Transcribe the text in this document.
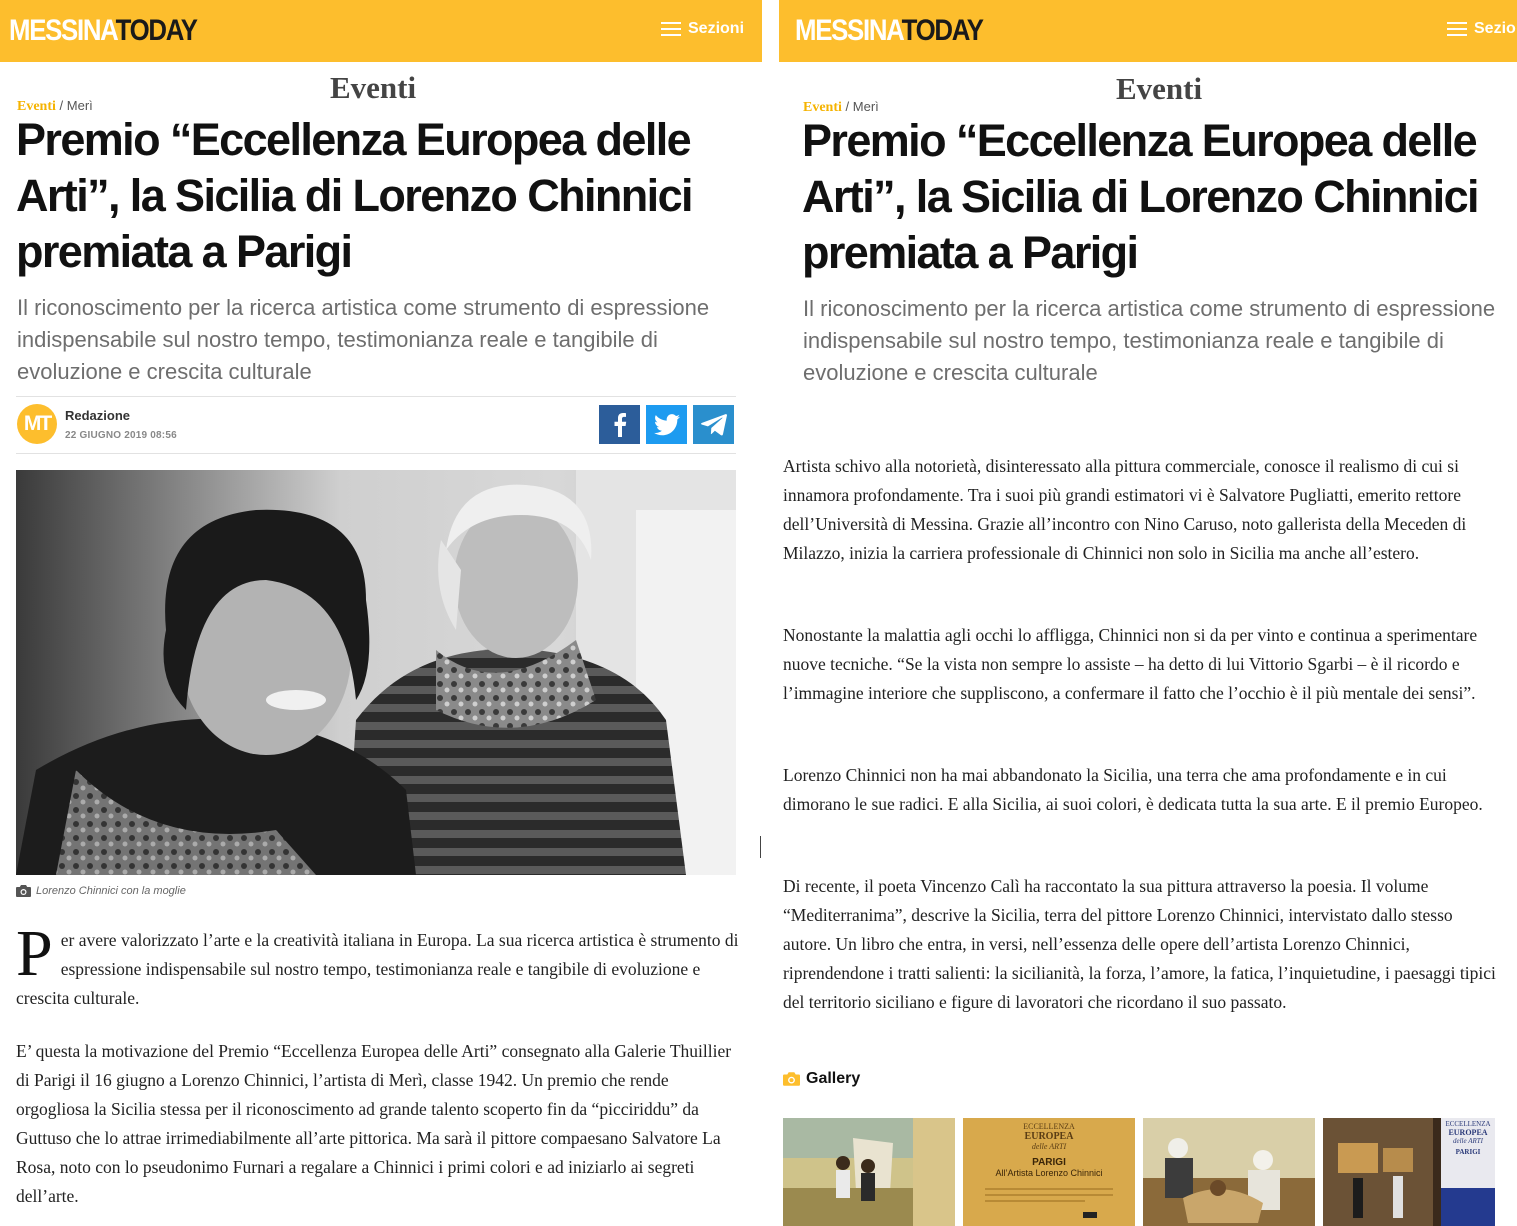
MESSINATODAY	Sezioni
Eventi
Eventi / Merì
Premio “Eccellenza Europea delle Arti”, la Sicilia di Lorenzo Chinnici premiata a Parigi

Il riconoscimento per la ricerca artistica come strumento di espressione indispensabile sul nostro tempo, testimonianza reale e tangibile di evoluzione e crescita culturale

MT	Redazione
22 GIUGNO 2019 08:56
Lorenzo Chinnici con la moglie
Per avere valorizzato l’arte e la creatività italiana in Europa. La sua ricerca artistica è strumento di espressione indispensabile sul nostro tempo, testimonianza reale e tangibile di evoluzione e crescita culturale.

E’ questa la motivazione del Premio “Eccellenza Europea delle Arti” consegnato alla Galerie Thuillier di Parigi il 16 giugno a Lorenzo Chinnici, l’artista di Merì, classe 1942. Un premio che rende orgogliosa la Sicilia stessa per il riconoscimento ad grande talento scoperto fin da “picciriddu” da Guttuso che lo attrae irrimediabilmente all’arte pittorica. Ma sarà il pittore compaesano Salvatore La Rosa, noto con lo pseudonimo Furnari a regalare a Chinnici i primi colori e ad iniziarlo ai segreti dell’arte.

MESSINATODAY	Sezio
Eventi
Eventi / Merì
Premio “Eccellenza Europea delle Arti”, la Sicilia di Lorenzo Chinnici premiata a Parigi

Il riconoscimento per la ricerca artistica come strumento di espressione indispensabile sul nostro tempo, testimonianza reale e tangibile di evoluzione e crescita culturale

Artista schivo alla notorietà, disinteressato alla pittura commerciale, conosce il realismo di cui si innamora profondamente. Tra i suoi più grandi estimatori vi è Salvatore Pugliatti, emerito rettore dell’Università di Messina. Grazie all’incontro con Nino Caruso, noto gallerista della Meceden di Milazzo, inizia la carriera professionale di Chinnici non solo in Sicilia ma anche all’estero.

Nonostante la malattia agli occhi lo affligga, Chinnici non si da per vinto e continua a sperimentare nuove tecniche. “Se la vista non sempre lo assiste – ha detto di lui Vittorio Sgarbi – è il ricordo e l’immagine interiore che suppliscono, a confermare il fatto che l’occhio è il più mentale dei sensi”.

Lorenzo Chinnici non ha mai abbandonato la Sicilia, una terra che ama profondamente e in cui dimorano le sue radici. E alla Sicilia, ai suoi colori, è dedicata tutta la sua arte. E il premio Europeo.

Di recente, il poeta Vincenzo Calì ha raccontato la sua pittura attraverso la poesia. Il volume “Mediterranima”, descrive la Sicilia, terra del pittore Lorenzo Chinnici, intervistato dallo stesso autore. Un libro che entra, in versi, nell’essenza delle opere dell’artista Lorenzo Chinnici, riprendendone i tratti salienti: la sicilianità, la forza, l’amore, la fatica, l’inquietudine, i paesaggi tipici del territorio siciliano e figure di lavoratori che ricordano il suo passato.

Gallery
ECCELLENZA
EUROPEA
delle ARTI
PARIGI
All’Artista Lorenzo Chinnici
ECCELLENZA
EUROPEA
delle ARTI
PARIGI
